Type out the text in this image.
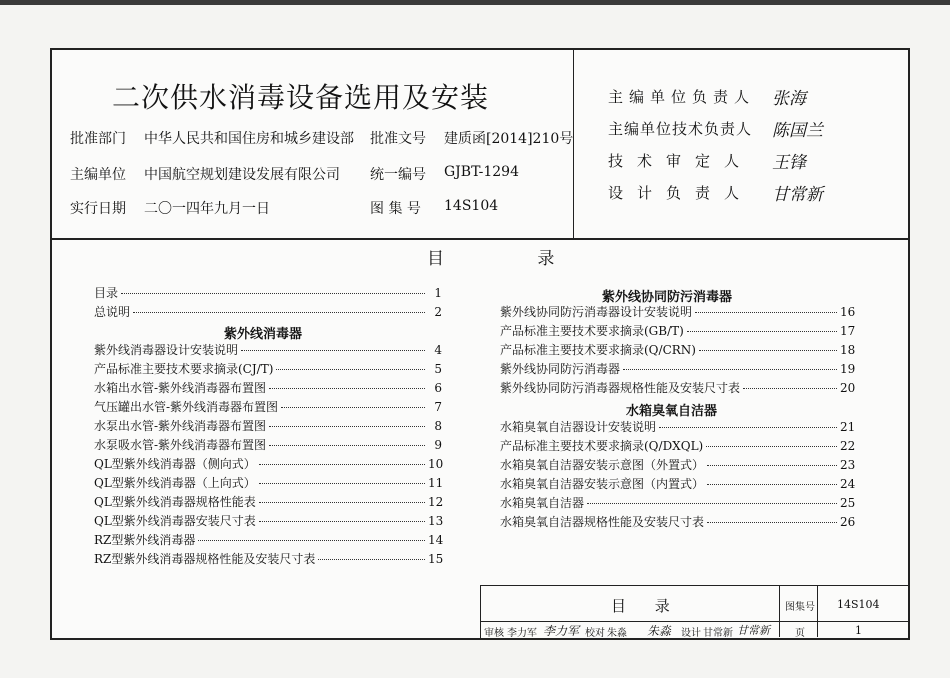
二次供水消毒设备选用及安装
批准部门 中华人民共和国住房和城乡建设部 批准文号 建质函[2014]210号
主编单位 中国航空规划建设发展有限公司 统一编号 GJBT-1294
实行日期 二〇一四年九月一日	图 集 号 14S104
主编单位负责人 张海
主编单位技术负责人 陈国兰
技术审定人 王锋
设计负责人 甘常新
目 录
目录	1
总说明	2
紫外线消毒器
紫外线消毒器设计安装说明	4
产品标准主要技术要求摘录(CJ/T)	5
水箱出水管-紫外线消毒器布置图	6
气压罐出水管-紫外线消毒器布置图	7
水泵出水管-紫外线消毒器布置图	8
水泵吸水管-紫外线消毒器布置图	9
QL型紫外线消毒器（侧向式）	10
QL型紫外线消毒器（上向式）	11
QL型紫外线消毒器规格性能表	12
QL型紫外线消毒器安装尺寸表	13
RZ型紫外线消毒器	14
RZ型紫外线消毒器规格性能及安装尺寸表	15
紫外线协同防污消毒器
紫外线协同防污消毒器设计安装说明	16
产品标准主要技术要求摘录(GB/T)	17
产品标准主要技术要求摘录(Q/CRN)	18
紫外线协同防污消毒器	19
紫外线协同防污消毒器规格性能及安装尺寸表	20
水箱臭氧自洁器
水箱臭氧自洁器设计安装说明	21
产品标准主要技术要求摘录(Q/DXQL)	22
水箱臭氧自洁器安装示意图（外置式）	23
水箱臭氧自洁器安装示意图（内置式）	24
水箱臭氧自洁器	25
水箱臭氧自洁器规格性能及安装尺寸表	26
目 录	图集号 14S104
审核 李力军 李力军 校对 朱淼 朱淼 设计 甘常新 甘常新	页	1
